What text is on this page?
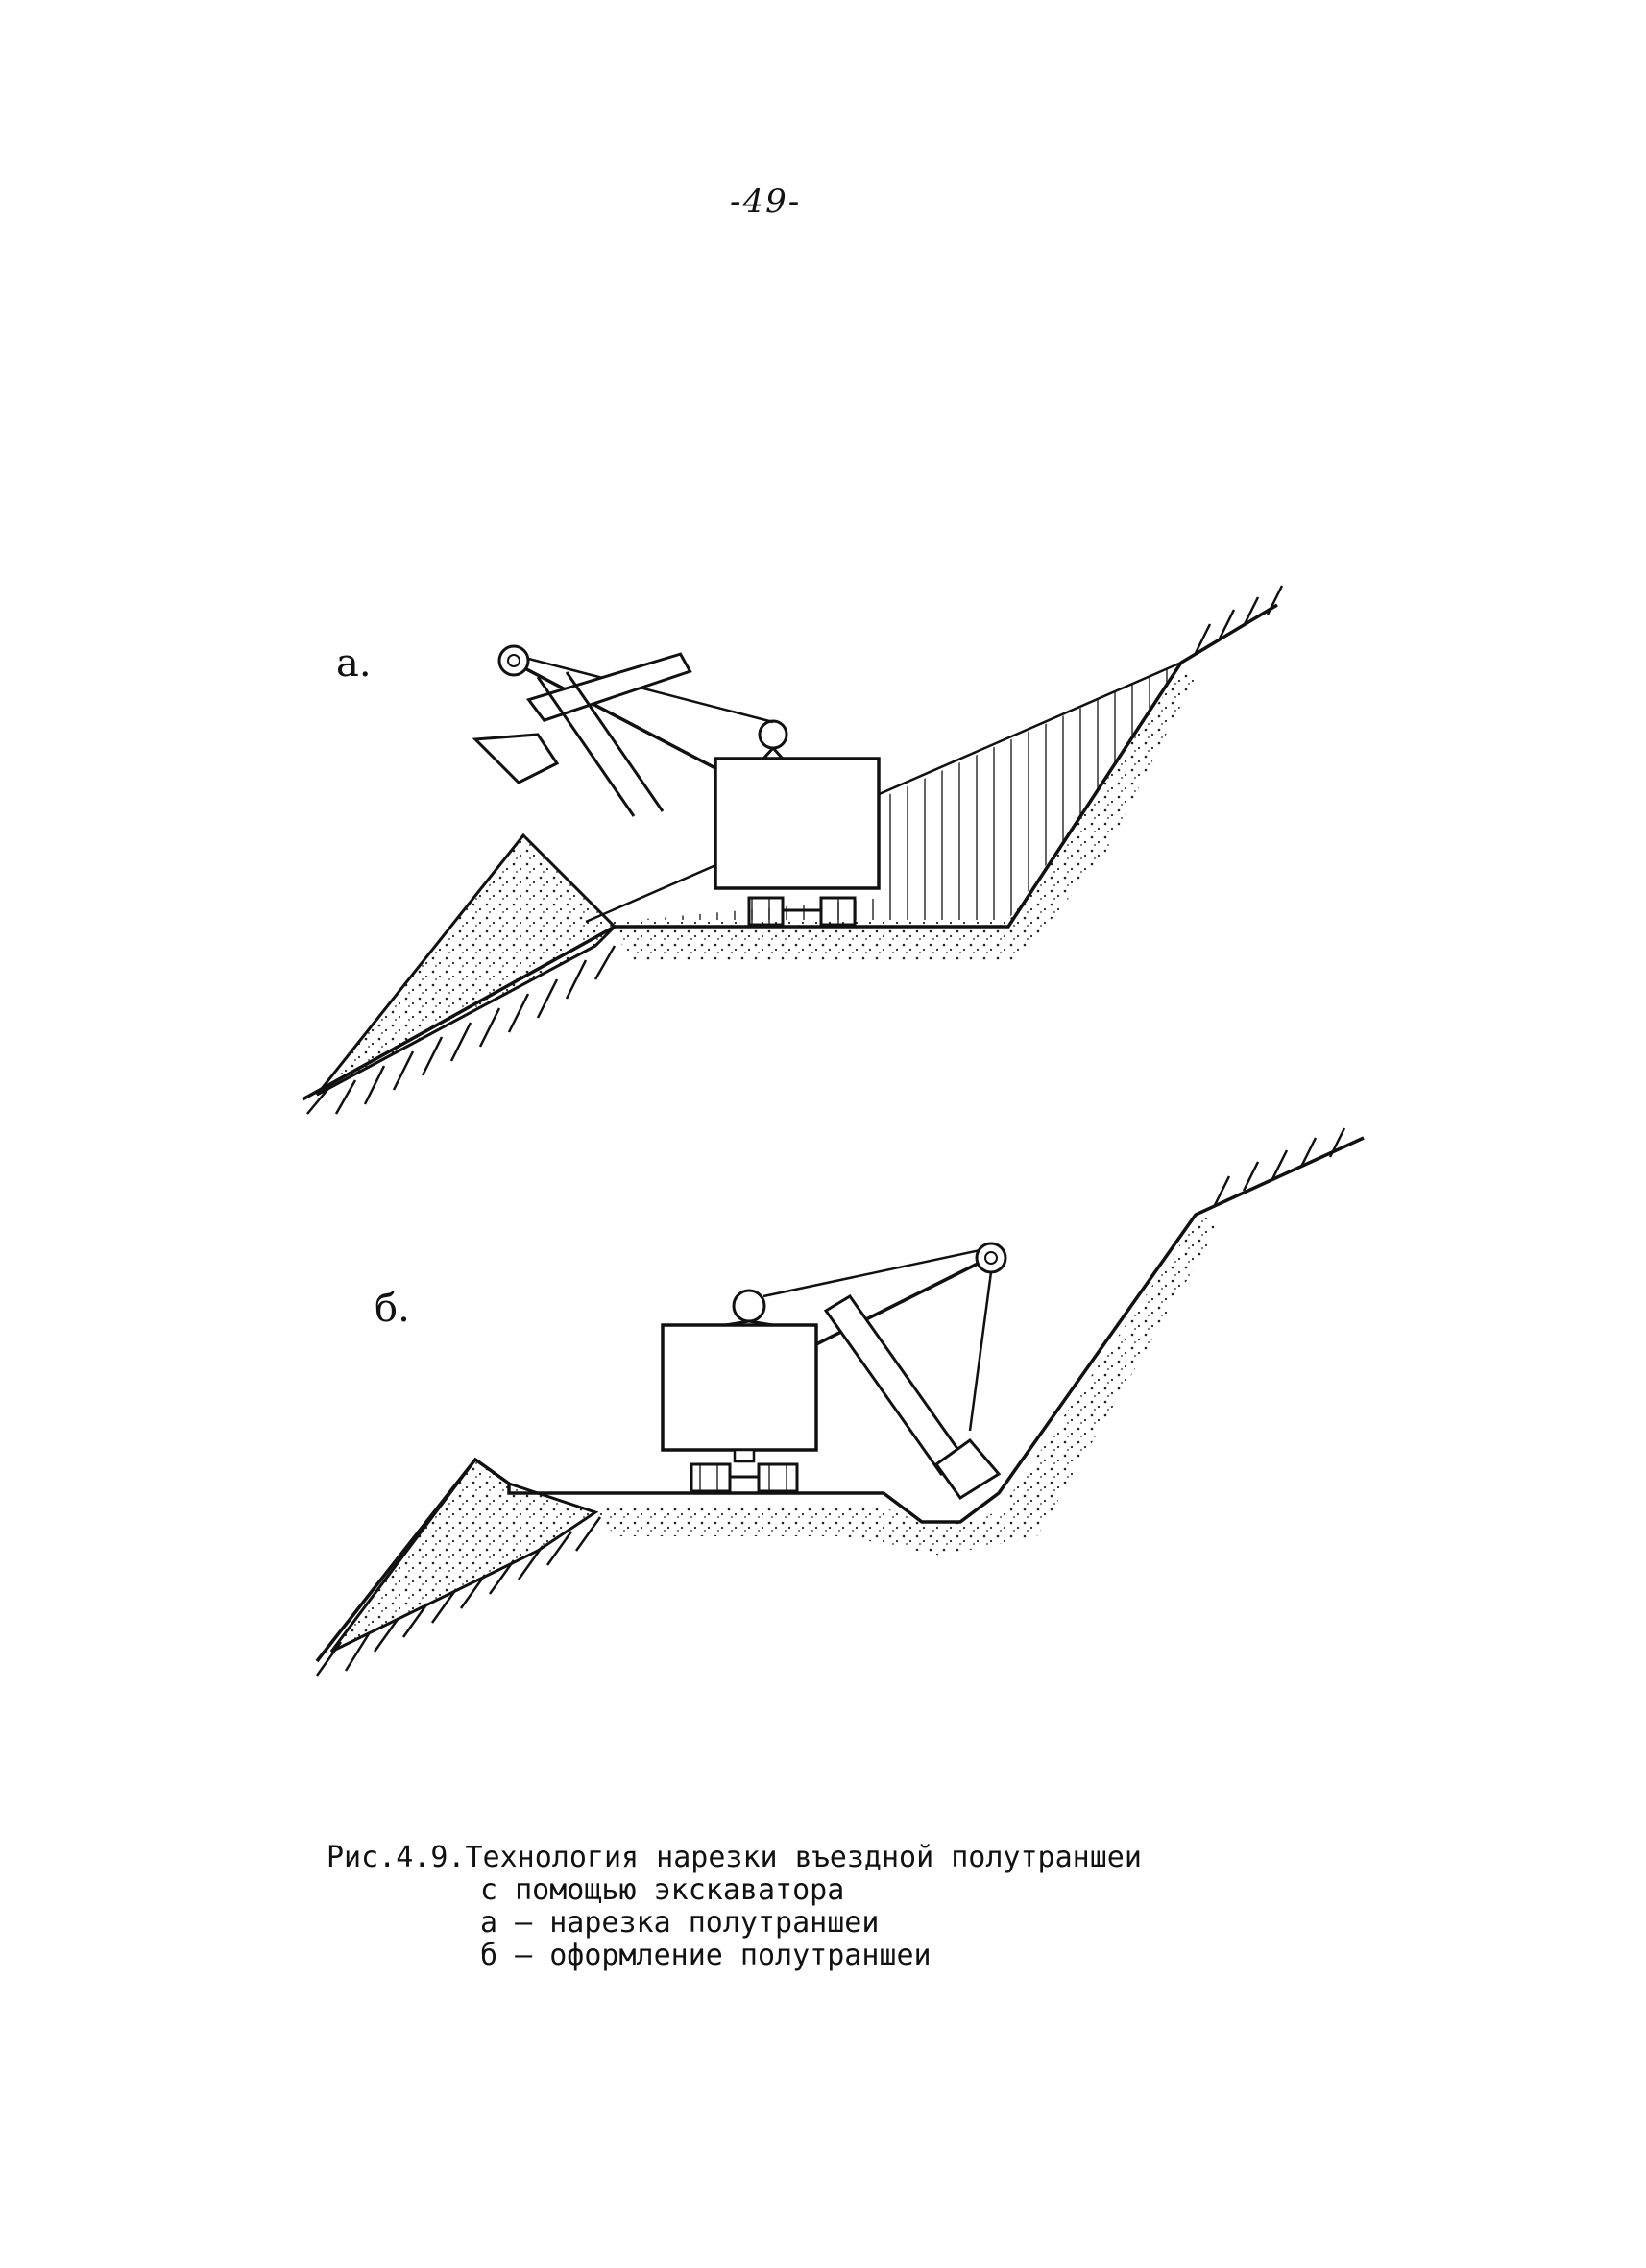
-49-
а.
б.
Рис.4.9.Технология нарезки въездной полутраншеи
с помощью экскаватора
а – нарезка полутраншеи
б – оформление полутраншеи
